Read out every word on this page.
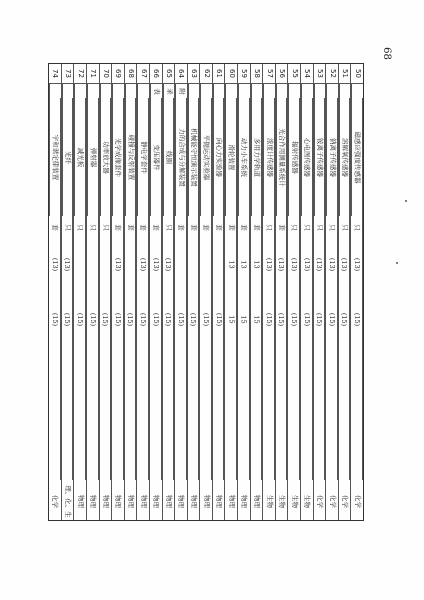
68
50
磁感应强度传感器
只
(13)
(15)
化学
51
溶解氧传感器
只
(13)
(15)
化学
52
钠离子传感器
只
(13)
(15)
化学
53
铵离子传感器
只
(13)
(15)
化学
54
心电图传感器
只
(13)
(15)
生物
55
辐射传感器
只
(13)
(15)
生物
56
光合作用测量系统计
套
(13)
(15)
生物
57
浓度计传感器
只
(13)
(15)
生物
58
多用力学轨道
套
13
15
物理
59
动力小车系统
套
13
15
物理
60
滑轮装置
套
13
15
物理
61
向心力实验器
套
(15)
物理
62
平抛运动实验器
套
(15)
物理
63
机械能守恒演示装置
套
(15)
物理
64
力的合成与分解装置
套
(15)
物理
附
65
线圈
只
(13)
(15)
物理
录
66
变压器件
套
(13)
(15)
物理
表
67
静电学套件
套
(13)
(15)
物理
68
碰撞与反射装置
套
(15)
物理
69
光学成像套件
套
(13)
(15)
物理
70
功率放大器
只
(15)
物理
71
弹射器
只
(15)
物理
72
减光板
只
(15)
物理
73
光纤
只
(13)
(15)
理、化、生
74
宇和谐定律装置
套
(13)
(15)
化学
